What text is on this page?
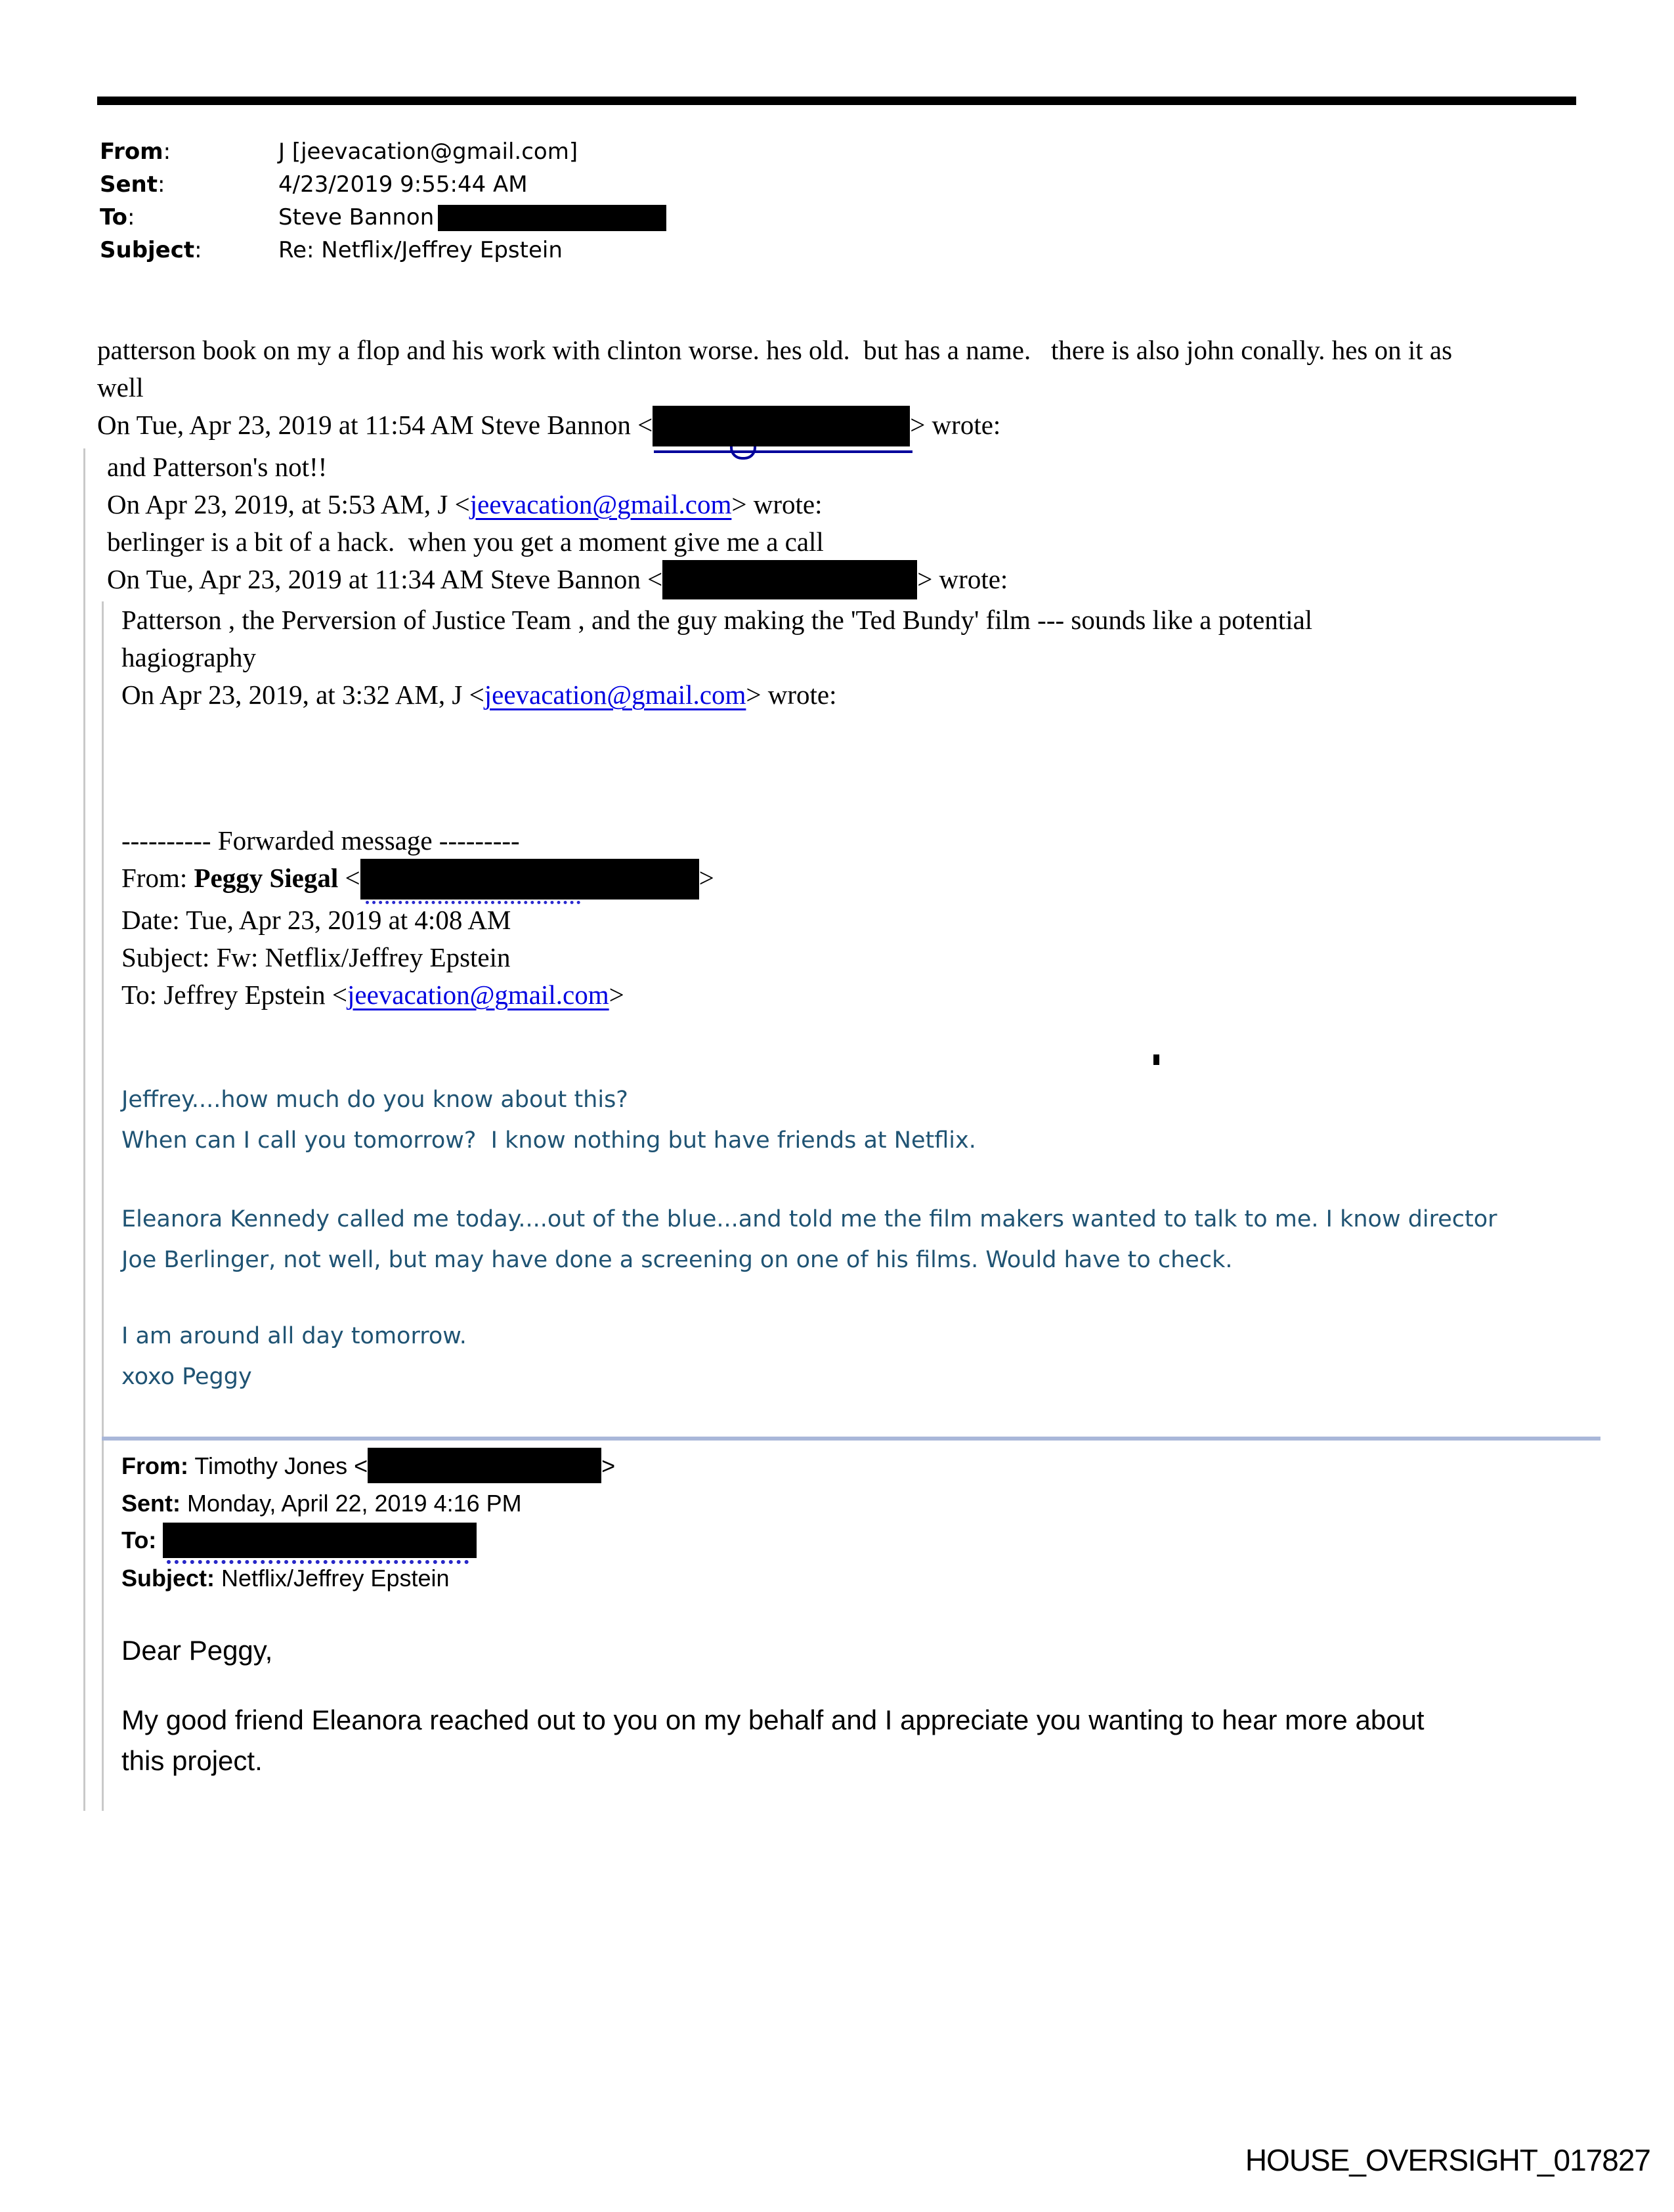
From:	J [jeevacation@gmail.com]
Sent:	4/23/2019 9:55:44 AM
To:	Steve Bannon
Subject:	Re: Netflix/Jeffrey Epstein

patterson book on my a flop and his work with clinton worse. hes old.  but has a name.   there is also john conally. hes on it as well

On Tue, Apr 23, 2019 at 11:54 AM Steve Bannon <	> wrote:

and Patterson's not!!

On Apr 23, 2019, at 5:53 AM, J <jeevacation@gmail.com> wrote:

berlinger is a bit of a hack.  when you get a moment give me a call

On Tue, Apr 23, 2019 at 11:34 AM Steve Bannon <	> wrote:

Patterson , the Perversion of Justice Team , and the guy making the 'Ted Bundy' film --- sounds like a potential hagiography

On Apr 23, 2019, at 3:32 AM, J <jeevacation@gmail.com> wrote:

---------- Forwarded message ---------
From: Peggy Siegal <	>
Date: Tue, Apr 23, 2019 at 4:08 AM
Subject: Fw: Netflix/Jeffrey Epstein
To: Jeffrey Epstein <jeevacation@gmail.com>
Jeffrey....how much do you know about this?
When can I call you tomorrow?  I know nothing but have friends at Netflix.
Eleanora Kennedy called me today....out of the blue...and told me the film makers wanted to talk to me. I know director Joe Berlinger, not well, but may have done a screening on one of his films. Would have to check.
I am around all day tomorrow.
xoxo Peggy
From: Timothy Jones <	>
Sent: Monday, April 22, 2019 4:16 PM
To:
Subject: Netflix/Jeffrey Epstein
Dear Peggy,
My good friend Eleanora reached out to you on my behalf and I appreciate you wanting to hear more about this project.
HOUSE_OVERSIGHT_017827
